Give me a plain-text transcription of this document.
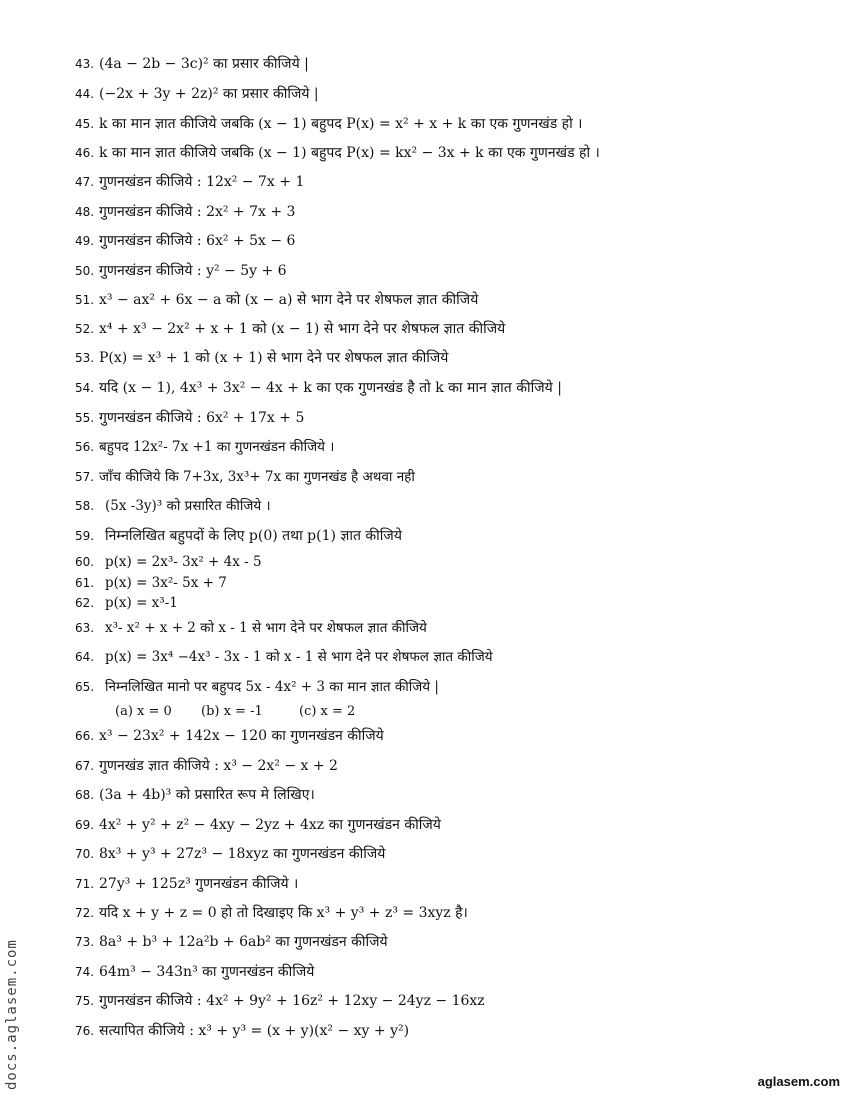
43. (4a − 2b − 3c)² का प्रसार कीजिये |
44. (−2x + 3y + 2z)² का प्रसार कीजिये |
45. k का मान ज्ञात कीजिये जबकि (x − 1) बहुपद P(x) = x² + x + k का एक गुणनखंड हो ।
46. k का मान ज्ञात कीजिये जबकि (x − 1) बहुपद P(x) = kx² − 3x + k का एक गुणनखंड हो ।
47. गुणनखंडन कीजिये : 12x² − 7x + 1
48. गुणनखंडन कीजिये : 2x² + 7x + 3
49. गुणनखंडन कीजिये : 6x² + 5x − 6
50. गुणनखंडन कीजिये : y² − 5y + 6
51. x³ − ax² + 6x − a को (x − a) से भाग देने पर शेषफल ज्ञात कीजिये
52. x⁴ + x³ − 2x² + x + 1 को (x − 1) से भाग देने पर शेषफल ज्ञात कीजिये
53. P(x) = x³ + 1 को (x + 1) से भाग देने पर शेषफल ज्ञात कीजिये
54. यदि (x − 1), 4x³ + 3x² − 4x + k का एक गुणनखंड है तो k का मान ज्ञात कीजिये |
55. गुणनखंडन कीजिये : 6x² + 17x + 5
56. बहुपद 12x²- 7x +1 का गुणनखंडन कीजिये ।
57. जाँच कीजिये कि 7+3x, 3x³+ 7x का गुणनखंड है अथवा नही
58. (5x -3y)³ को प्रसारित कीजिये ।
59. निम्नलिखित बहुपदों के लिए p(0) तथा p(1) ज्ञात कीजिये
60. p(x) = 2x³- 3x² + 4x - 5
61. p(x) = 3x²- 5x + 7
62. p(x) = x³-1
63. x³- x² + x + 2 को x - 1 से भाग देने पर शेषफल ज्ञात कीजिये
64. p(x) = 3x⁴ −4x³ - 3x - 1 को x - 1 से भाग देने पर शेषफल ज्ञात कीजिये
65. निम्नलिखित मानो पर बहुपद 5x - 4x² + 3 का मान ज्ञात कीजिये |
(a) x = 0 (b) x = -1	(c) x = 2
66. x³ − 23x² + 142x − 120 का गुणनखंडन कीजिये
67. गुणनखंड ज्ञात कीजिये : x³ − 2x² − x + 2
68. (3a + 4b)³ को प्रसारित रूप मे लिखिए।
69. 4x² + y² + z² − 4xy − 2yz + 4xz का गुणनखंडन कीजिये
70. 8x³ + y³ + 27z³ − 18xyz का गुणनखंडन कीजिये
71. 27y³ + 125z³ गुणनखंडन कीजिये ।
72. यदि x + y + z = 0 हो तो दिखाइए कि x³ + y³ + z³ = 3xyz है।
73. 8a³ + b³ + 12a²b + 6ab² का गुणनखंडन कीजिये
74. 64m³ − 343n³ का गुणनखंडन कीजिये
75. गुणनखंडन कीजिये : 4x² + 9y² + 16z² + 12xy − 24yz − 16xz
76. सत्यापित कीजिये : x³ + y³ = (x + y)(x² − xy + y²)
docs.aglasem.com	aglasem.com
